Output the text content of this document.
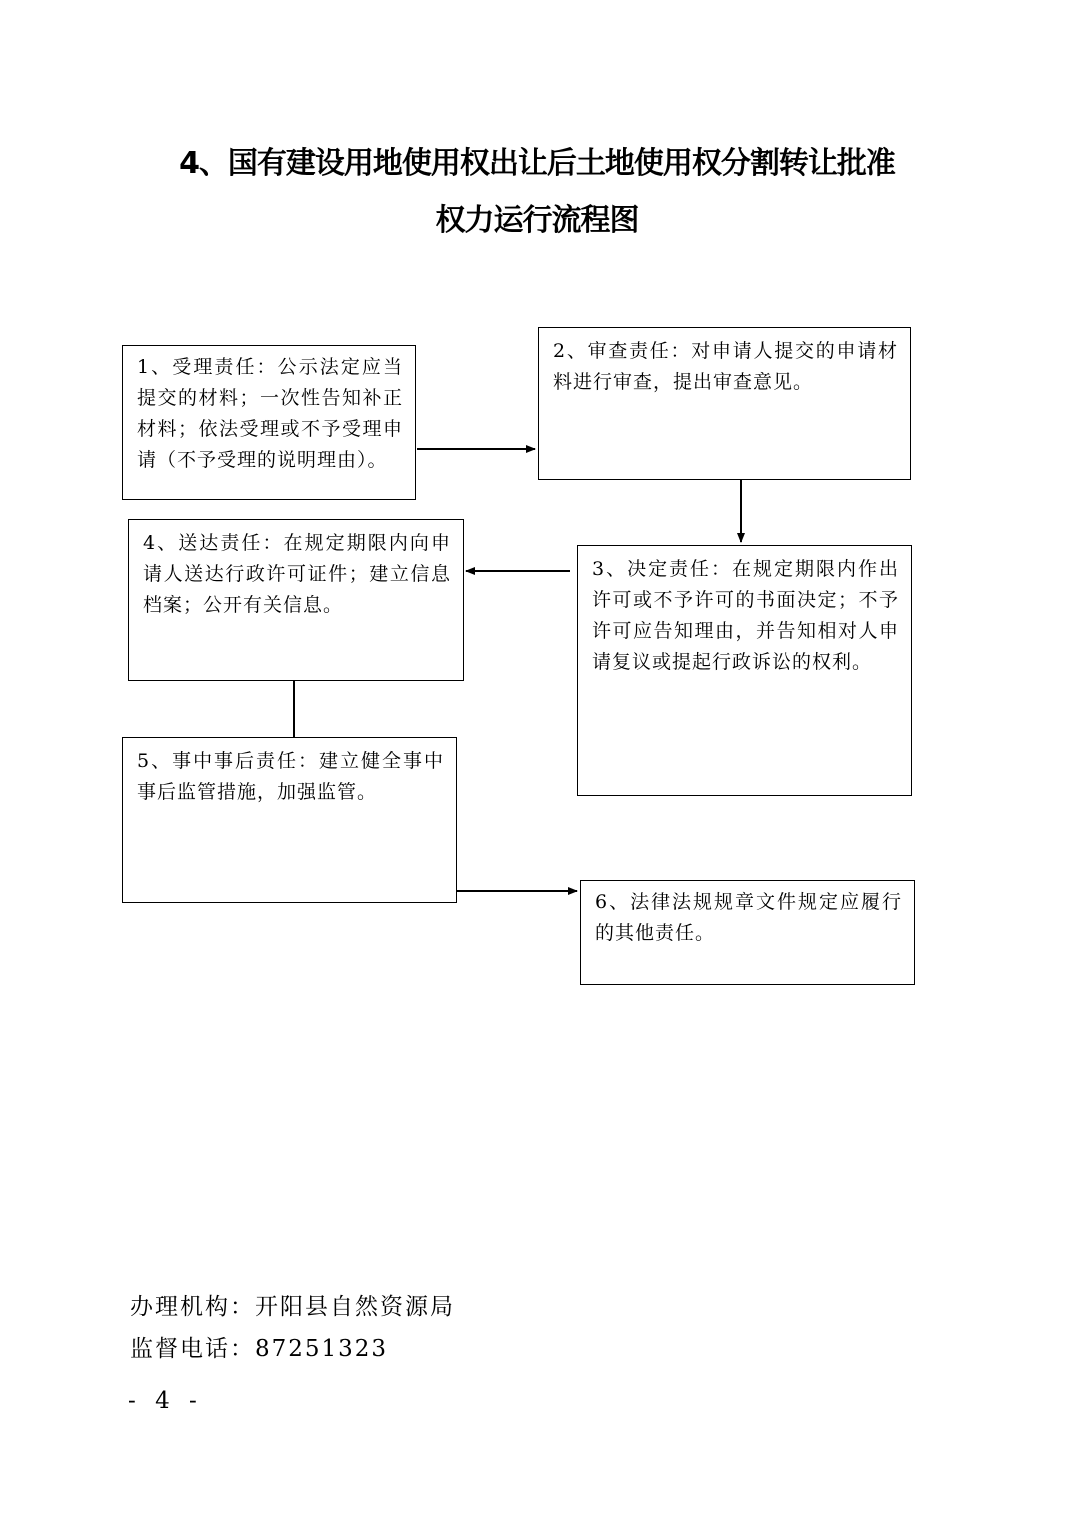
4、国有建设用地使用权出让后土地使用权分割转让批准
权力运行流程图
1、受理责任：公示法定应当提交的材料；一次性告知补正材料；依法受理或不予受理申请（不予受理的说明理由）。
2、审查责任：对申请人提交的申请材料进行审查，提出审查意见。
3、决定责任：在规定期限内作出许可或不予许可的书面决定；不予许可应告知理由，并告知相对人申请复议或提起行政诉讼的权利。
4、送达责任：在规定期限内向申请人送达行政许可证件；建立信息档案；公开有关信息。
5、事中事后责任：建立健全事中事后监管措施，加强监管。
6、法律法规规章文件规定应履行的其他责任。
办理机构：开阳县自然资源局
监督电话：87251323
- 4 -
